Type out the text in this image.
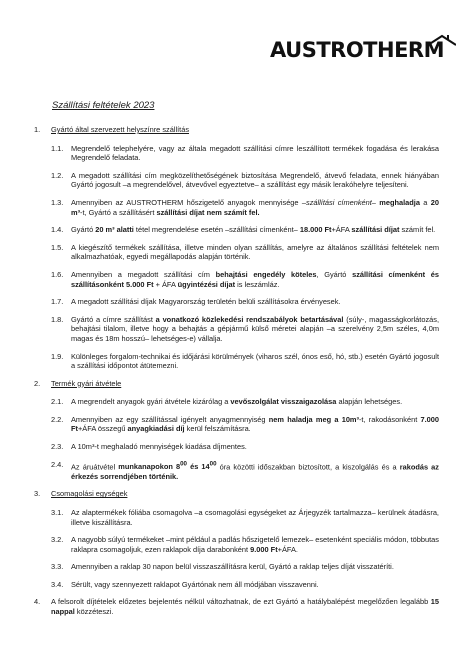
AUSTROTHERM
Szállítási feltételek 2023
1.	Gyártó által szervezett helyszínre szállítás
1.1.	Megrendelő telephelyére, vagy az általa megadott szállítási címre leszállított termékek fogadása és lerakása Megrendelő feladata.
1.2.	A megadott szállítási cím megközelíthetőségének biztosítása Megrendelő, átvevő feladata, ennek hiányában Gyártó jogosult –a megrendelővel, átvevővel egyeztetve– a szállítást egy másik lerakóhelyre teljesíteni.
1.3.	Amennyiben az AUSTROTHERM hőszigetelő anyagok mennyisége –szállítási címenként– meghaladja a 20 m³-t, Gyártó a szállításért szállítási díjat nem számít fel.
1.4.	Gyártó 20 m³ alatti tétel megrendelése esetén –szállítási címenként– 18.000 Ft+ÁFA szállítási díjat számít fel.
1.5.	A kiegészítő termékek szállítása, illetve minden olyan szállítás, amelyre az általános szállítási feltételek nem alkalmazhatóak, egyedi megállapodás alapján történik.
1.6.	Amennyiben a megadott szállítási cím behajtási engedély köteles, Gyártó szállítási címenként és szállításonként 5.000 Ft + ÁFA ügyintézési díjat is leszámláz.
1.7.	A megadott szállítási díjak Magyarország területén belüli szállításokra érvényesek.
1.8.	Gyártó a címre szállítást a vonatkozó közlekedési rendszabályok betartásával (súly-, magasságkorlátozás, behajtási tilalom, illetve hogy a behajtás a gépjármű külső méretei alapján –a szerelvény 2,5m széles, 4,0m magas és 18m hosszú– lehetséges-e) vállalja.
1.9.	Különleges forgalom-technikai és időjárási körülmények (viharos szél, ónos eső, hó, stb.) esetén Gyártó jogosult a szállítási időpontot átütemezni.
2.	Termék gyári átvétele
2.1.	A megrendelt anyagok gyári átvétele kizárólag a vevőszolgálat visszaigazolása alapján lehetséges.
2.2.	Amennyiben az egy szállítással igényelt anyagmennyiség nem haladja meg a 10m³-t, rakodásonként 7.000 Ft+ÁFA összegű anyagkiadási díj kerül felszámításra.
2.3.	A 10m³-t meghaladó mennyiségek kiadása díjmentes.
2.4.	Az áruátvétel munkanapokon $8^{00}$ és $14^{00}$ óra közötti időszakban biztosított, a kiszolgálás és a rakodás az érkezés sorrendjében történik.
3.	Csomagolási egységek
3.1.	Az alaptermékek fóliába csomagolva –a csomagolási egységeket az Árjegyzék tartalmazza– kerülnek átadásra, illetve kiszállításra.
3.2.	A nagyobb súlyú termékeket –mint például a padlás hőszigetelő lemezek– esetenként speciális módon, többutas raklapra csomagoljuk, ezen raklapok díja darabonként 9.000 Ft+ÁFA.
3.3.	Amennyiben a raklap 30 napon belül visszaszállításra kerül, Gyártó a raklap teljes díját visszatéríti.
3.4.	Sérült, vagy szennyezett raklapot Gyártónak nem áll módjában visszavenni.
4.	A felsorolt díjtételek előzetes bejelentés nélkül változhatnak, de ezt Gyártó a hatálybalépést megelőzően legalább 15 nappal közzéteszi.
